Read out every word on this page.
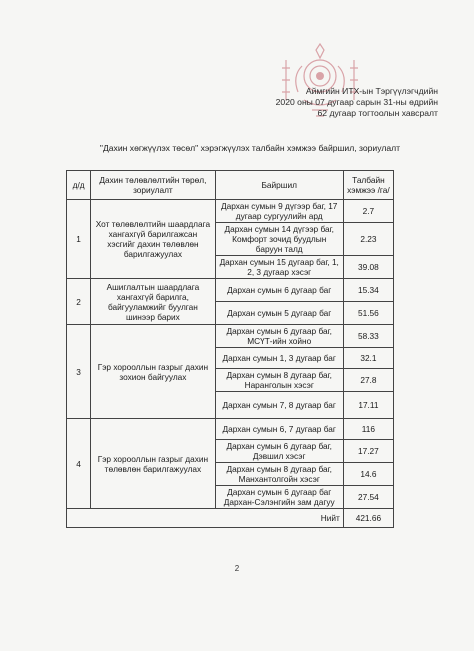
Аймгийн ИТХ-ын Тэргүүлэгчдийн
2020 оны 07 дугаар сарын 31-ны өдрийн
62 дугаар тогтоолын хавсралт
"Дахин хөгжүүлэх төсөл" хэрэгжүүлэх талбайн хэмжээ байршил, зориулалт
д/д	Дахин төлөвлөлтийн төрөл, зориулалт	Байршил	Талбайн хэмжээ /га/
1	Хот төлөвлөлтийн шаардлага хангахгүй барилгажсан хэсгийг дахин төлөвлөн барилгажуулах	Дархан сумын 9 дүгээр баг, 17 дугаар сургуулийн ард	2.7
		Дархан сумын 14 дүгээр баг, Комфорт зочид буудлын баруун талд	2.23
		Дархан сумын 15 дугаар баг, 1, 2, 3 дугаар хэсэг	39.08
2	Ашиглалтын шаардлага хангахгүй барилга, байгууламжийг буулган шинээр барих	Дархан сумын 6 дугаар баг	15.34
		Дархан сумын 5 дугаар баг	51.56
3	Гэр хорооллын газрыг дахин зохион байгуулах	Дархан сумын 6 дугаар баг, МСҮТ-ийн хойно	58.33
		Дархан сумын 1, 3 дугаар баг	32.1
		Дархан сумын 8 дугаар баг, Наранголын хэсэг	27.8
		Дархан сумын 7, 8 дугаар баг	17.11
4	Гэр хорооллын газрыг дахин төлөвлөн барилгажуулах	Дархан сумын 6, 7 дугаар баг	116
		Дархан сумын 6 дугаар баг, Дэвшил хэсэг	17.27
		Дархан сумын 8 дугаар баг, Манхантолгойн хэсэг	14.6
		Дархан сумын 6 дугаар баг Дархан-Сэлэнгийн зам дагуу	27.54
Нийт			421.66
2
